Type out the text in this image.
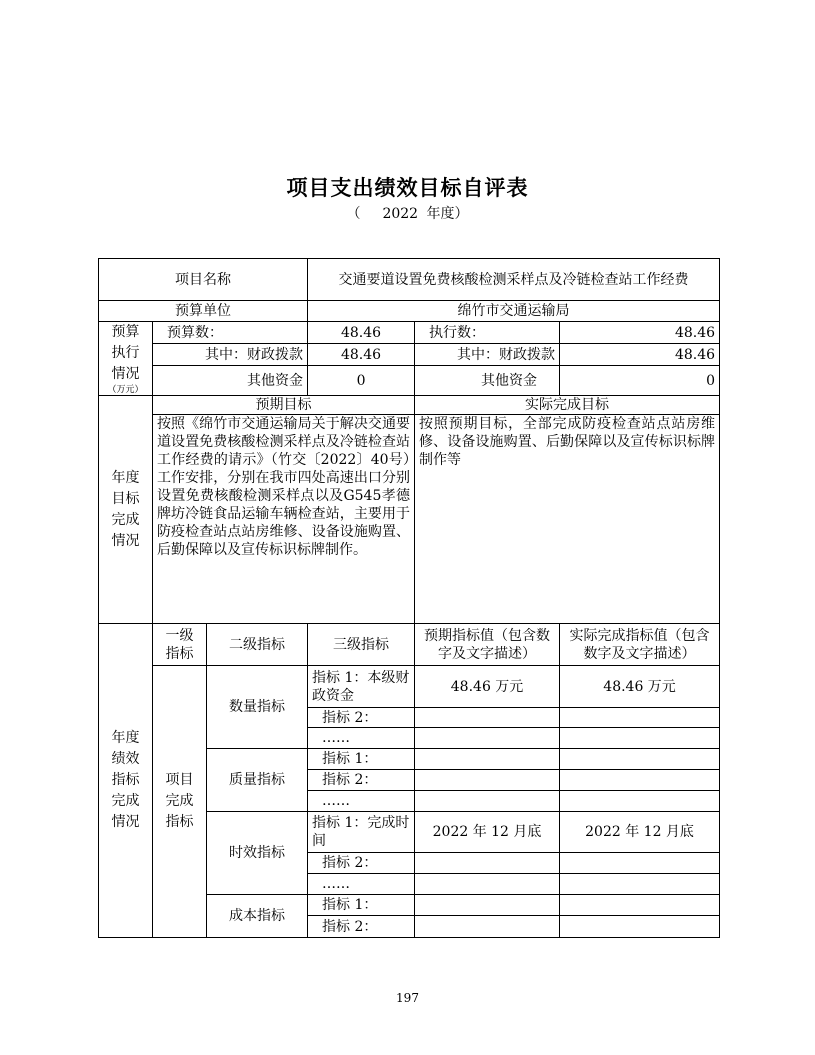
项目支出绩效目标自评表
（ 2022 年度）
项目名称			交通要道设置免费核酸检测采样点及冷链检查站工作经费		
预算单位			绵竹市交通运输局		

预算执行情况
（万元）	预算数：		48.46	执行数：	48.46
	其中：财政拨款		48.46	其中：财政拨款	48.46
	其他资金		0	其他资金	0

年度目标完成情况	预期目标			实际完成目标	
	按照《绵竹市交通运输局关于解决交通要道设置免费核酸检测采样点及冷链检查站工作经费的请示》（竹交〔2022〕40号）工作安排，分别在我市四处高速出口分别设置免费核酸检测采样点以及G545孝德牌坊冷链食品运输车辆检查站，主要用于防疫检查站点站房维修、设备设施购置、后勤保障以及宣传标识标牌制作。			按照预期目标，全部完成防疫检查站点站房维修、设备设施购置、后勤保障以及宣传标识标牌制作等	

年度绩效指标完成情况	一级指标	二级指标	三级指标	预期指标值（包含数字及文字描述）	实际完成指标值（包含数字及文字描述）

	项目完成指标	数量指标	指标 1：本级财政资金	48.46 万元	48.46 万元
			指标 2：		
			……		
		质量指标	指标 1：		
			指标 2：		
			……		
		时效指标	指标 1：完成时间	2022 年 12 月底	2022 年 12 月底
			指标 2：		
			……		
		成本指标	指标 1：		
			指标 2：		
197
